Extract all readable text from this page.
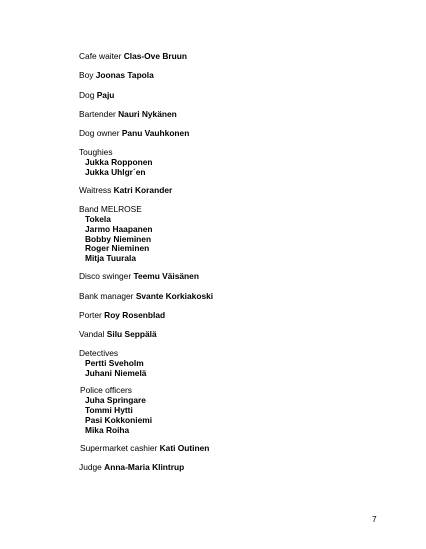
Cafe waiter Clas-Ove Bruun
Boy Joonas Tapola
Dog Paju
Bartender Nauri Nykänen
Dog owner Panu Vauhkonen
Toughies
Jukka Ropponen
Jukka Uhlgr´en
Waitress Katri Korander
Band MELROSE
Tokela
Jarmo Haapanen
Bobby Nieminen
Roger Nieminen
Mitja Tuurala
Disco swinger Teemu Väisänen
Bank manager Svante Korkiakoski
Porter Roy Rosenblad
Vandal Silu Seppälä
Detectives
Pertti Sveholm
Juhani Niemelä
Police officers
Juha Springare
Tommi Hytti
Pasi Kokkoniemi
Mika Roiha
Supermarket cashier Kati Outinen
Judge Anna-Maria Klintrup
7
